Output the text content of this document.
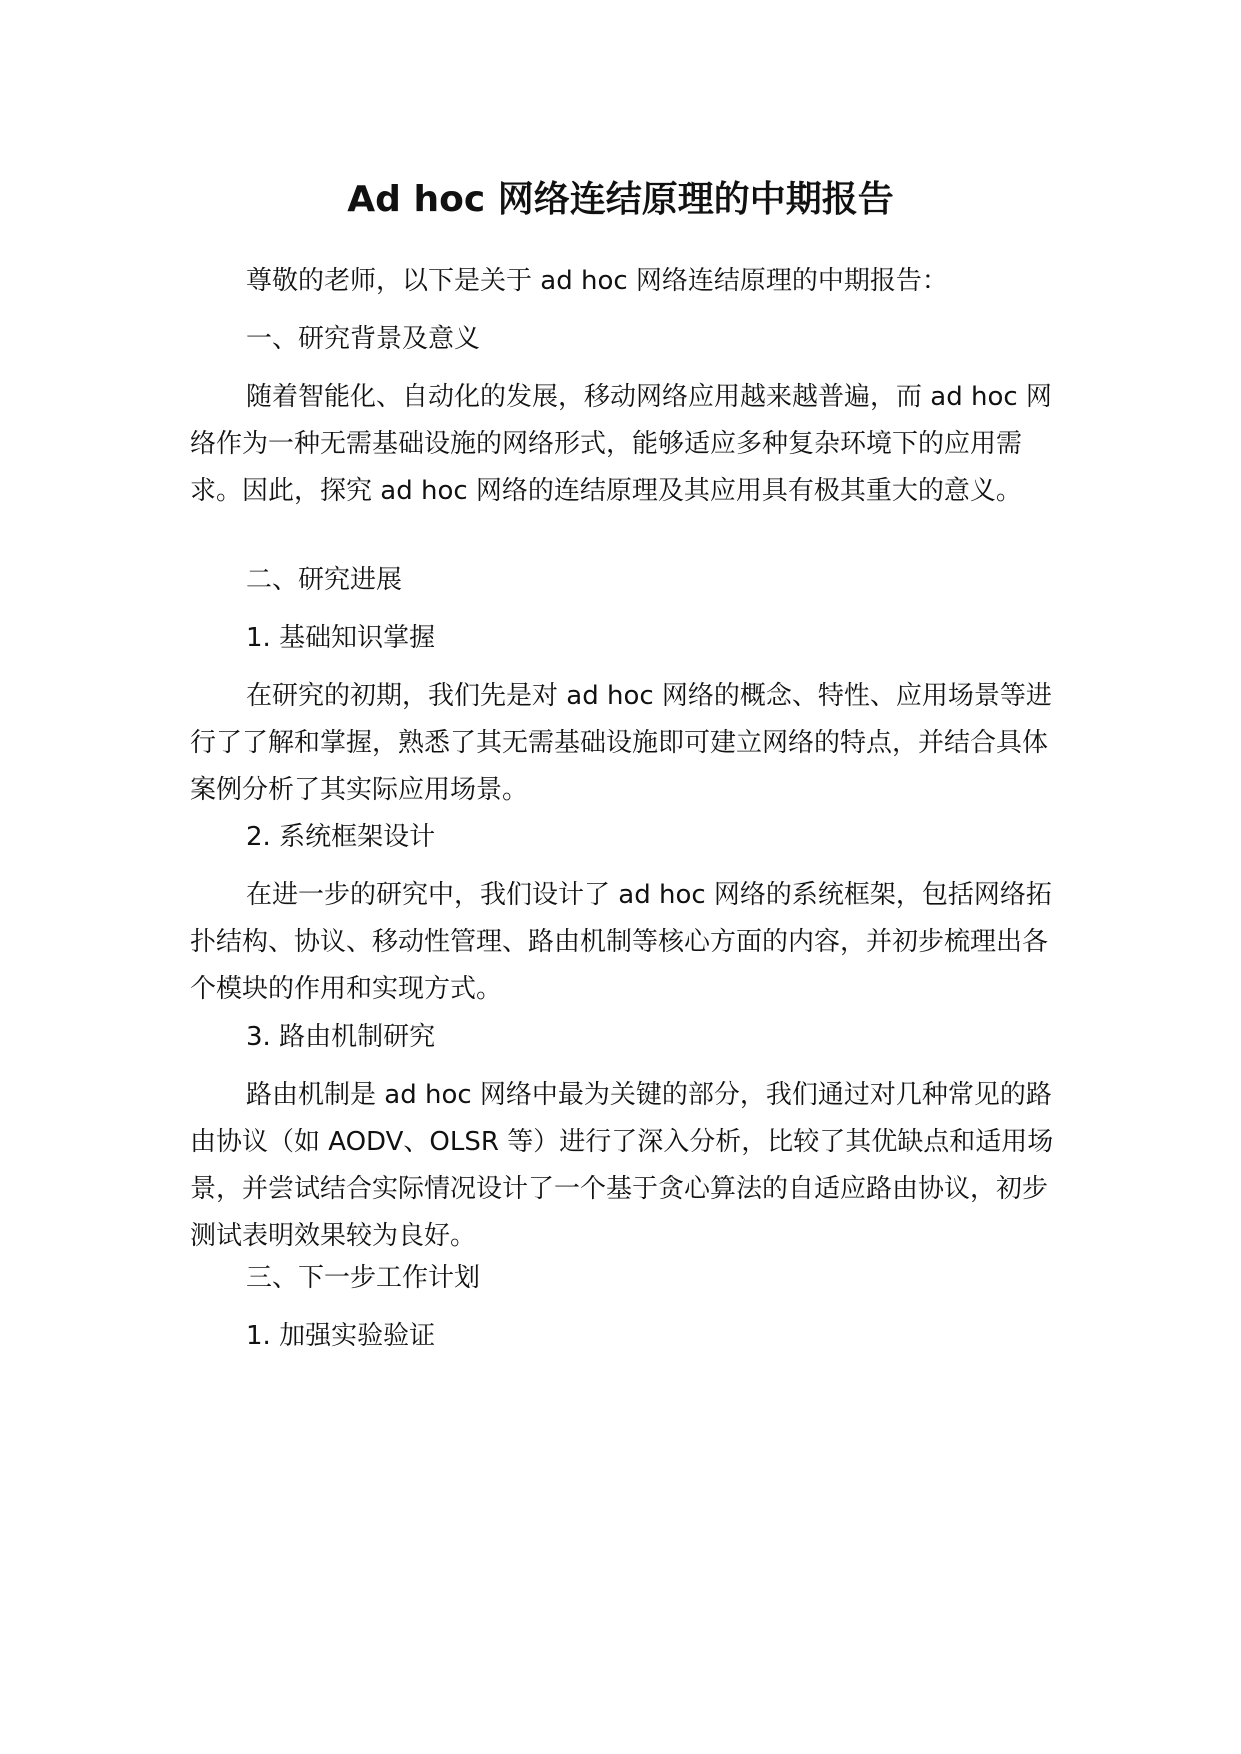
Ad hoc 网络连结原理的中期报告

尊敬的老师，以下是关于 ad hoc 网络连结原理的中期报告：

一、研究背景及意义

随着智能化、自动化的发展，移动网络应用越来越普遍，而 ad hoc 网络作为一种无需基础设施的网络形式，能够适应多种复杂环境下的应用需求。因此，探究 ad hoc 网络的连结原理及其应用具有极其重大的意义。

二、研究进展

1. 基础知识掌握

在研究的初期，我们先是对 ad hoc 网络的概念、特性、应用场景等进行了了解和掌握，熟悉了其无需基础设施即可建立网络的特点，并结合具体案例分析了其实际应用场景。

2. 系统框架设计

在进一步的研究中，我们设计了 ad hoc 网络的系统框架，包括网络拓扑结构、协议、移动性管理、路由机制等核心方面的内容，并初步梳理出各个模块的作用和实现方式。

3. 路由机制研究

路由机制是 ad hoc 网络中最为关键的部分，我们通过对几种常见的路由协议（如 AODV、OLSR 等）进行了深入分析，比较了其优缺点和适用场景，并尝试结合实际情况设计了一个基于贪心算法的自适应路由协议，初步测试表明效果较为良好。

三、下一步工作计划

1. 加强实验验证
